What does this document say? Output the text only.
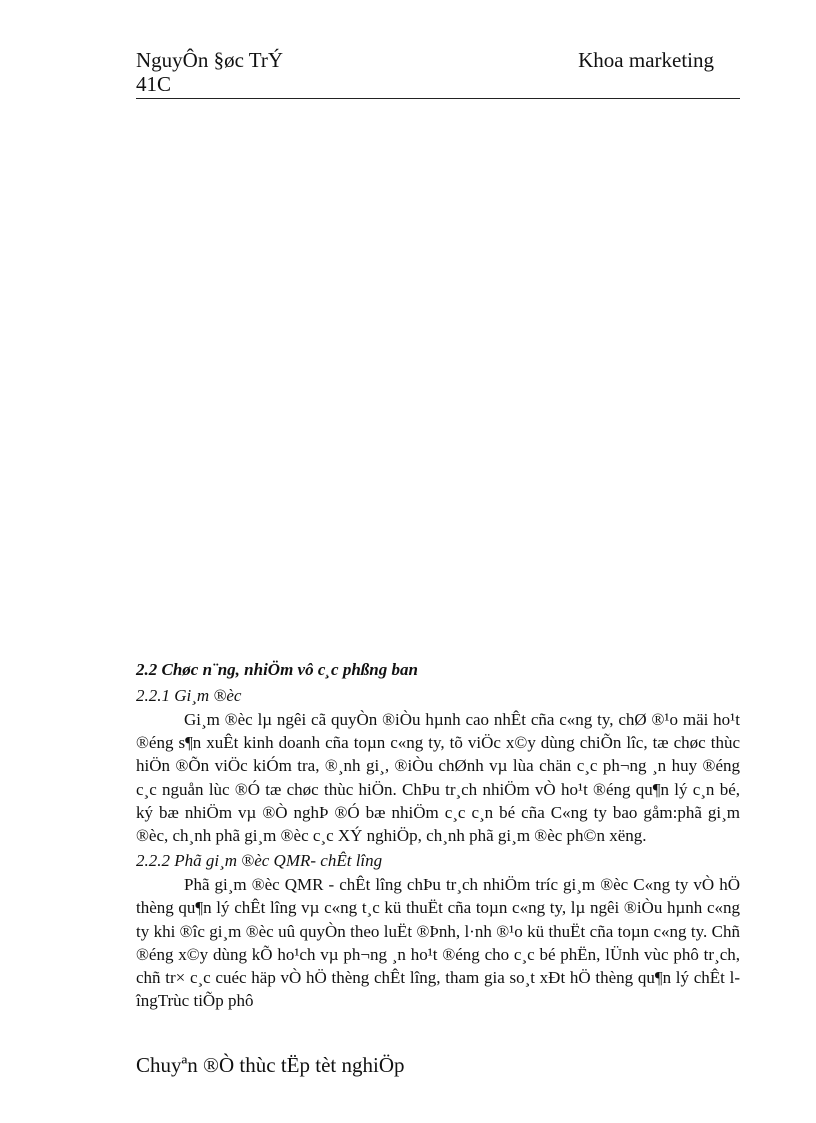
NguyÔn §øc TrÝ
41C
Khoa marketing

2.2 Chøc n¨ng, nhiÖm vô c¸c phßng ban

2.2.1 Gi¸m ®èc

Gi¸m ®èc lµ ngêi cã quyÒn ®iÒu hµnh cao nhÊt cña c«ng ty, chØ ®¹o mäi ho¹t ®éng s¶n xuÊt kinh doanh cña toµn c«ng ty, tõ viÖc x©y dùng chiÕn lîc, tæ chøc thùc hiÖn ®Õn viÖc kiÓm tra, ®¸nh gi¸, ®iÒu chØnh vµ lùa chän c¸c ph¬ng ¸n huy ®éng c¸c nguån lùc ®Ó tæ chøc thùc hiÖn. ChÞu tr¸ch nhiÖm vÒ ho¹t ®éng qu¶n lý c¸n bé, ký bæ nhiÖm vµ ®Ò nghÞ ®Ó bæ nhiÖm c¸c c¸n bé cña C«ng ty bao gåm:phã gi¸m ®èc, ch¸nh phã gi¸m ®èc c¸c XÝ nghiÖp, ch¸nh phã gi¸m ®èc ph©n xëng.

2.2.2 Phã gi¸m ®èc QMR- chÊt lîng

Phã gi¸m ®èc QMR - chÊt lîng chÞu tr¸ch nhiÖm tríc gi¸m ®èc C«ng ty vÒ hÖ thèng qu¶n lý chÊt lîng vµ c«ng t¸c kü thuËt cña toµn c«ng ty, lµ ngêi ®iÒu hµnh c«ng ty khi ®îc gi¸m ®èc uû quyÒn theo luËt ®Þnh, l·nh ®¹o kü thuËt cña toµn c«ng ty. Chñ ®éng x©y dùng kÕ ho¹ch vµ ph¬ng ¸n ho¹t ®éng cho c¸c bé phËn, lÜnh vùc phô tr¸ch, chñ tr× c¸c cuéc häp vÒ hÖ thèng chÊt lîng, tham gia so¸t xÐt hÖ thèng qu¶n lý chÊt lîngTrùc tiÕp phô

Chuyªn ®Ò thùc tËp tèt nghiÖp
